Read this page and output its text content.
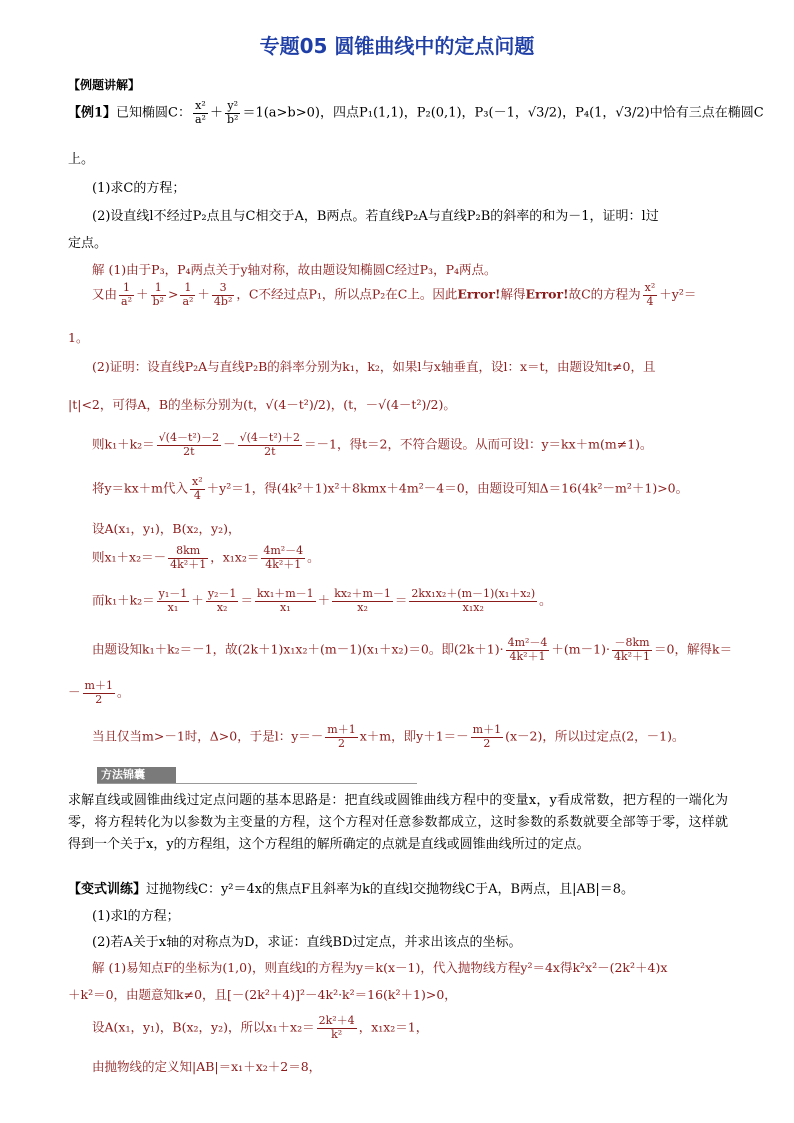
专题05 圆锥曲线中的定点问题
【例题讲解】
【例1】已知椭圆C： $\frac{\text{x²}}{\text{a²}} + \frac{\text{y²}}{\text{b²}} =1(a>b>0)$，四点P₁(1,1)，P₂(0,1)，P₃(－1，√3/2)，P₄(1，√3/2)中恰有三点在椭圆C
上。
(1)求C的方程；
(2)设直线l不经过P₂点且与C相交于A，B两点。若直线P₂A与直线P₂B的斜率的和为－1，证明：l过
定点。
解 (1)由于P₃，P₄两点关于y轴对称，故由题设知椭圆C经过P₃，P₄两点。
又由 $\frac{1}{\text{a²}} + \frac{1}{\text{b²}} > \frac{1}{\text{a²}} + \frac{3}{\text{4b²}}$ ，C不经过点P₁，所以点P₂在C上。因此Error!解得Error!故C的方程为 $\frac{\text{x²}}{4} +y^2=$
1。
(2)证明：设直线P₂A与直线P₂B的斜率分别为k₁，k₂，如果l与x轴垂直，设l：x＝t，由题设知t≠0，且
|t|<2，可得A，B的坐标分别为(t，√(4－t²)/2)，(t，－√(4－t²)/2)。
则$k_1+k_2= \frac{\text{√(4－t²)－2}}{2t} - \frac{\text{√(4－t²)＋2}}{2t} =-1$，得t＝2，不符合题设。从而可设l：y＝kx＋m(m≠1)。
将y＝kx＋m代入 $\frac{\text{x²}}{4} +y^2=1$，得(4k²＋1)x²＋8kmx＋4m²－4＝0，由题设可知Δ＝16(4k²－m²＋1)>0。
设A(x₁，y₁)，B(x₂，y₂)，
则$x_1+x_2=- \frac{8km}{\text{4k²＋1}}$ ，$x_1x_2= \frac{\text{4m²－4}}{\text{4k²＋1}}$ 。
而$k_1+k_2= \frac{\text{y₁－1}}{\text{x₁}} + \frac{\text{y₂－1}}{\text{x₂}} = \frac{\text{kx₁＋m－1}}{\text{x₁}} + \frac{\text{kx₂＋m－1}}{\text{x₂}} = \frac{\text{2kx₁x₂＋(m－1)(x₁＋x₂)}}{\text{x₁x₂}}$ 。
由题设知k₁＋k₂＝－1，故(2k＋1)x₁x₂＋(m－1)(x₁＋x₂)＝0。即$(2k+1)\cdot \frac{\text{4m²－4}}{\text{4k²＋1}} +(m-1)\cdot \frac{-8km}{\text{4k²＋1}} =0$，解得k＝
－ $\frac{m+1}{2}$ 。
当且仅当m>－1时，Δ>0，于是l：$y=- \frac{m+1}{2} x+m$，即$y+1=- \frac{m+1}{2} (x-2)$，所以l过定点(2，－1)。
方法锦囊
求解直线或圆锥曲线过定点问题的基本思路是：把直线或圆锥曲线方程中的变量x，y看成常数，把方程的一端化为零，将方程转化为以参数为主变量的方程，这个方程对任意参数都成立，这时参数的系数就要全部等于零，这样就得到一个关于x，y的方程组，这个方程组的解所确定的点就是直线或圆锥曲线所过的定点。
【变式训练】过抛物线C：y²＝4x的焦点F且斜率为k的直线l交抛物线C于A，B两点，且|AB|＝8。
(1)求l的方程；
(2)若A关于x轴的对称点为D，求证：直线BD过定点，并求出该点的坐标。
解 (1)易知点F的坐标为(1,0)，则直线l的方程为y＝k(x－1)，代入抛物线方程y²＝4x得k²x²－(2k²＋4)x
＋k²＝0，由题意知k≠0，且[－(2k²＋4)]²－4k²·k²＝16(k²＋1)>0，
设A(x₁，y₁)，B(x₂，y₂)，所以$x_1+x_2= \frac{\text{2k²＋4}}{\text{k²}}$ ，x₁x₂＝1，
由抛物线的定义知|AB|＝x₁＋x₂＋2＝8，
